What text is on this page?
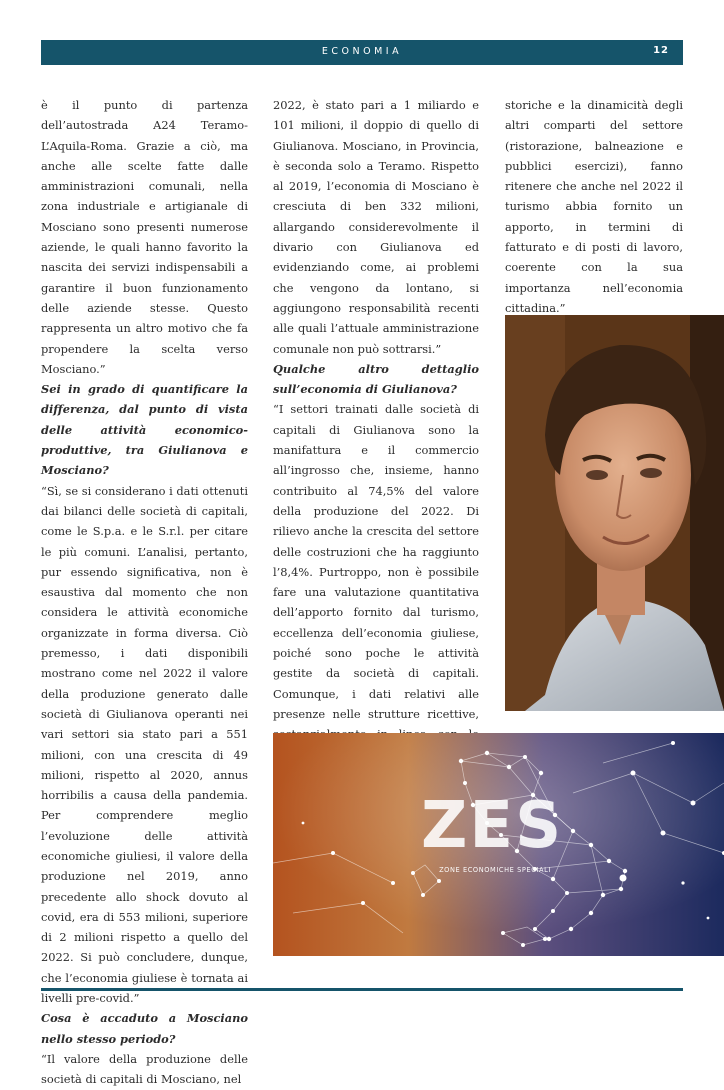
ECONOMIA	12

è il punto di partenza dell’autostrada A24 Teramo-L’Aquila-Roma. Grazie a ciò, ma anche alle scelte fatte dalle amministrazioni comunali, nella zona industriale e artigianale di Mosciano sono presenti numerose aziende, le quali hanno favorito la nascita dei servizi indispensabili a garantire il buon funzionamento delle aziende stesse. Questo rappresenta un altro motivo che fa propendere la scelta verso Mosciano.”

Sei in grado di quantificare la differenza, dal punto di vista delle attività economico-produttive, tra Giulianova e Mosciano?

“Sì, se si considerano i dati ottenuti dai bilanci delle società di capitali, come le S.p.a. e le S.r.l. per citare le più comuni. L’analisi, pertanto, pur essendo significativa, non è esaustiva dal momento che non considera le attività economiche organizzate in forma diversa. Ciò premesso, i dati disponibili mostrano come nel 2022 il valore della produzione generato dalle società di Giulianova operanti nei vari settori sia stato pari a 551 milioni, con una crescita di 49 milioni, rispetto al 2020, annus horribilis a causa della pandemia. Per comprendere meglio l’evoluzione delle attività economiche giuliesi, il valore della produzione nel 2019, anno precedente allo shock dovuto al covid, era di 553 milioni, superiore di 2 milioni rispetto a quello del 2022. Si può concludere, dunque, che l’economia giuliese è tornata ai livelli pre-covid.”

Cosa è accaduto a Mosciano nello stesso periodo?

“Il valore della produzione delle società di capitali di Mosciano, nel

2022, è stato pari a 1 miliardo e 101 milioni, il doppio di quello di Giulianova. Mosciano, in Provincia, è seconda solo a Teramo. Rispetto al 2019, l’economia di Mosciano è cresciuta di ben 332 milioni, allargando considerevolmente il divario con Giulianova ed evidenziando come, ai problemi che vengono da lontano, si aggiungono responsabilità recenti alle quali l’attuale amministrazione comunale non può sottrarsi.”

Qualche altro dettaglio sull’economia di Giulianova?

“I settori trainati dalle società di capitali di Giulianova sono la manifattura e il commercio all’ingrosso che, insieme, hanno contribuito al 74,5% del valore della produzione del 2022. Di rilievo anche la crescita del settore delle costruzioni che ha raggiunto l’8,4%. Purtroppo, non è possibile fare una valutazione quantitativa dell’apporto fornito dal turismo, eccellenza dell’economia giuliese, poiché sono poche le attività gestite da società di capitali. Comunque, i dati relativi alle presenze nelle strutture ricettive,

storiche e la dinamicità degli altri comparti del settore (ristorazione, balneazione e pubblici esercizi), fanno ritenere che anche nel 2022 il turismo abbia fornito un apporto, in termini di fatturato e di posti di lavoro, coerente con la sua importanza nell’economia cittadina.”

ZES
ZONE ECONOMICHE SPECIALI
